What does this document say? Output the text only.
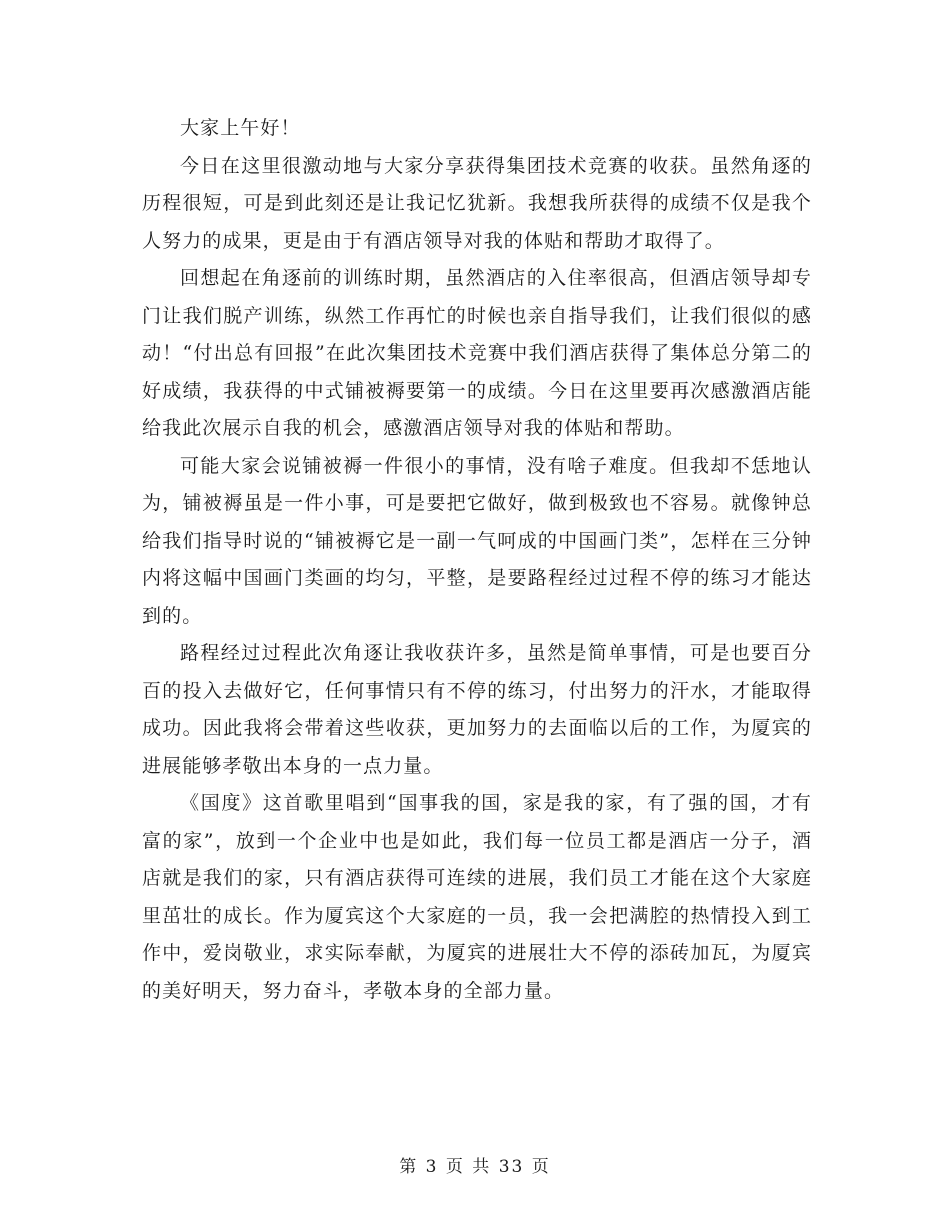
大家上午好！

今日在这里很激动地与大家分享获得集团技术竞赛的收获。虽然角逐的历程很短，可是到此刻还是让我记忆犹新。我想我所获得的成绩不仅是我个人努力的成果，更是由于有酒店领导对我的体贴和帮助才取得了。

回想起在角逐前的训练时期，虽然酒店的入住率很高，但酒店领导却专门让我们脱产训练，纵然工作再忙的时候也亲自指导我们，让我们很似的感动！“付出总有回报”在此次集团技术竞赛中我们酒店获得了集体总分第二的好成绩，我获得的中式铺被褥要第一的成绩。今日在这里要再次感激酒店能给我此次展示自我的机会，感激酒店领导对我的体贴和帮助。

可能大家会说铺被褥一件很小的事情，没有啥子难度。但我却不恁地认为，铺被褥虽是一件小事，可是要把它做好，做到极致也不容易。就像钟总给我们指导时说的“铺被褥它是一副一气呵成的中国画门类”，怎样在三分钟内将这幅中国画门类画的均匀，平整，是要路程经过过程不停的练习才能达到的。

路程经过过程此次角逐让我收获许多，虽然是简单事情，可是也要百分百的投入去做好它，任何事情只有不停的练习，付出努力的汗水，才能取得成功。因此我将会带着这些收获，更加努力的去面临以后的工作，为厦宾的进展能够孝敬出本身的一点力量。

《国度》这首歌里唱到“国事我的国，家是我的家，有了强的国，才有富的家”，放到一个企业中也是如此，我们每一位员工都是酒店一分子，酒店就是我们的家，只有酒店获得可连续的进展，我们员工才能在这个大家庭里茁壮的成长。作为厦宾这个大家庭的一员，我一会把满腔的热情投入到工作中，爱岗敬业，求实际奉献，为厦宾的进展壮大不停的添砖加瓦，为厦宾的美好明天，努力奋斗，孝敬本身的全部力量。

第 3 页 共 33 页
